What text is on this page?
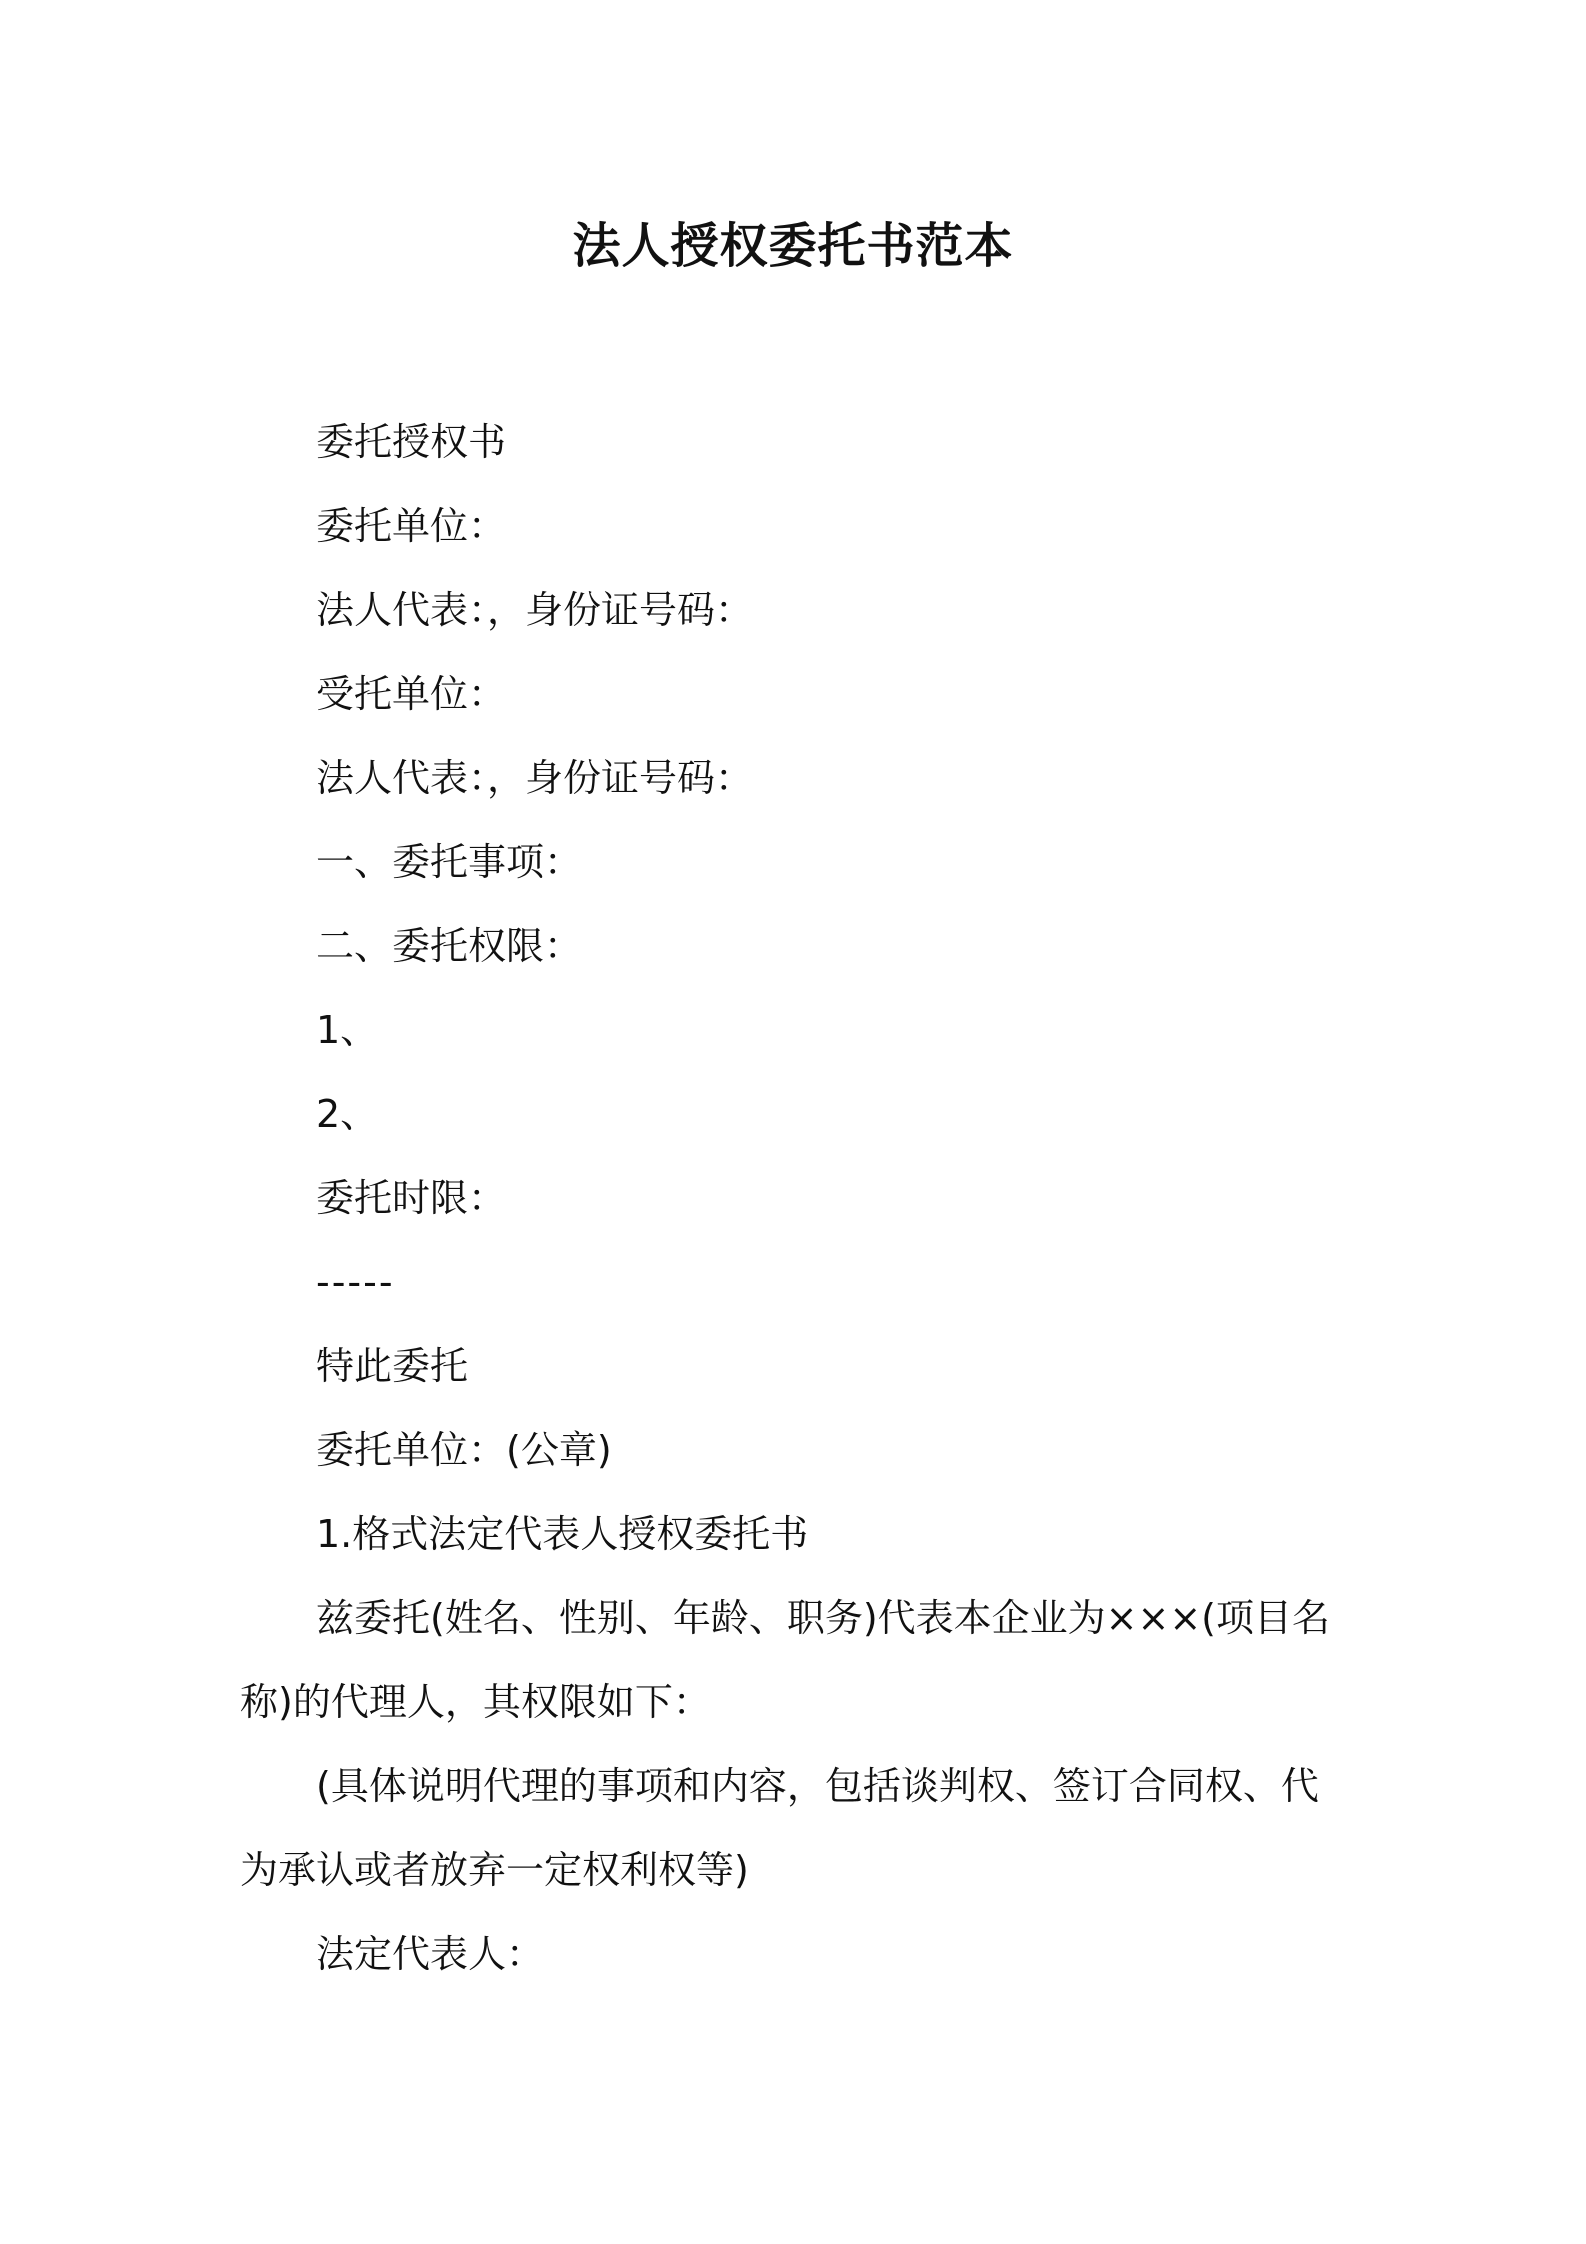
法人授权委托书范本
委托授权书
委托单位：
法人代表：，身份证号码：
受托单位：
法人代表：，身份证号码：
一、委托事项：
二、委托权限：
1、
2、
委托时限：
-----
特此委托
委托单位：(公章)
1.格式法定代表人授权委托书
兹委托(姓名、性别、年龄、职务)代表本企业为×××(项目名称)的代理人，其权限如下：
(具体说明代理的事项和内容，包括谈判权、签订合同权、代为承认或者放弃一定权利权等)
法定代表人：
